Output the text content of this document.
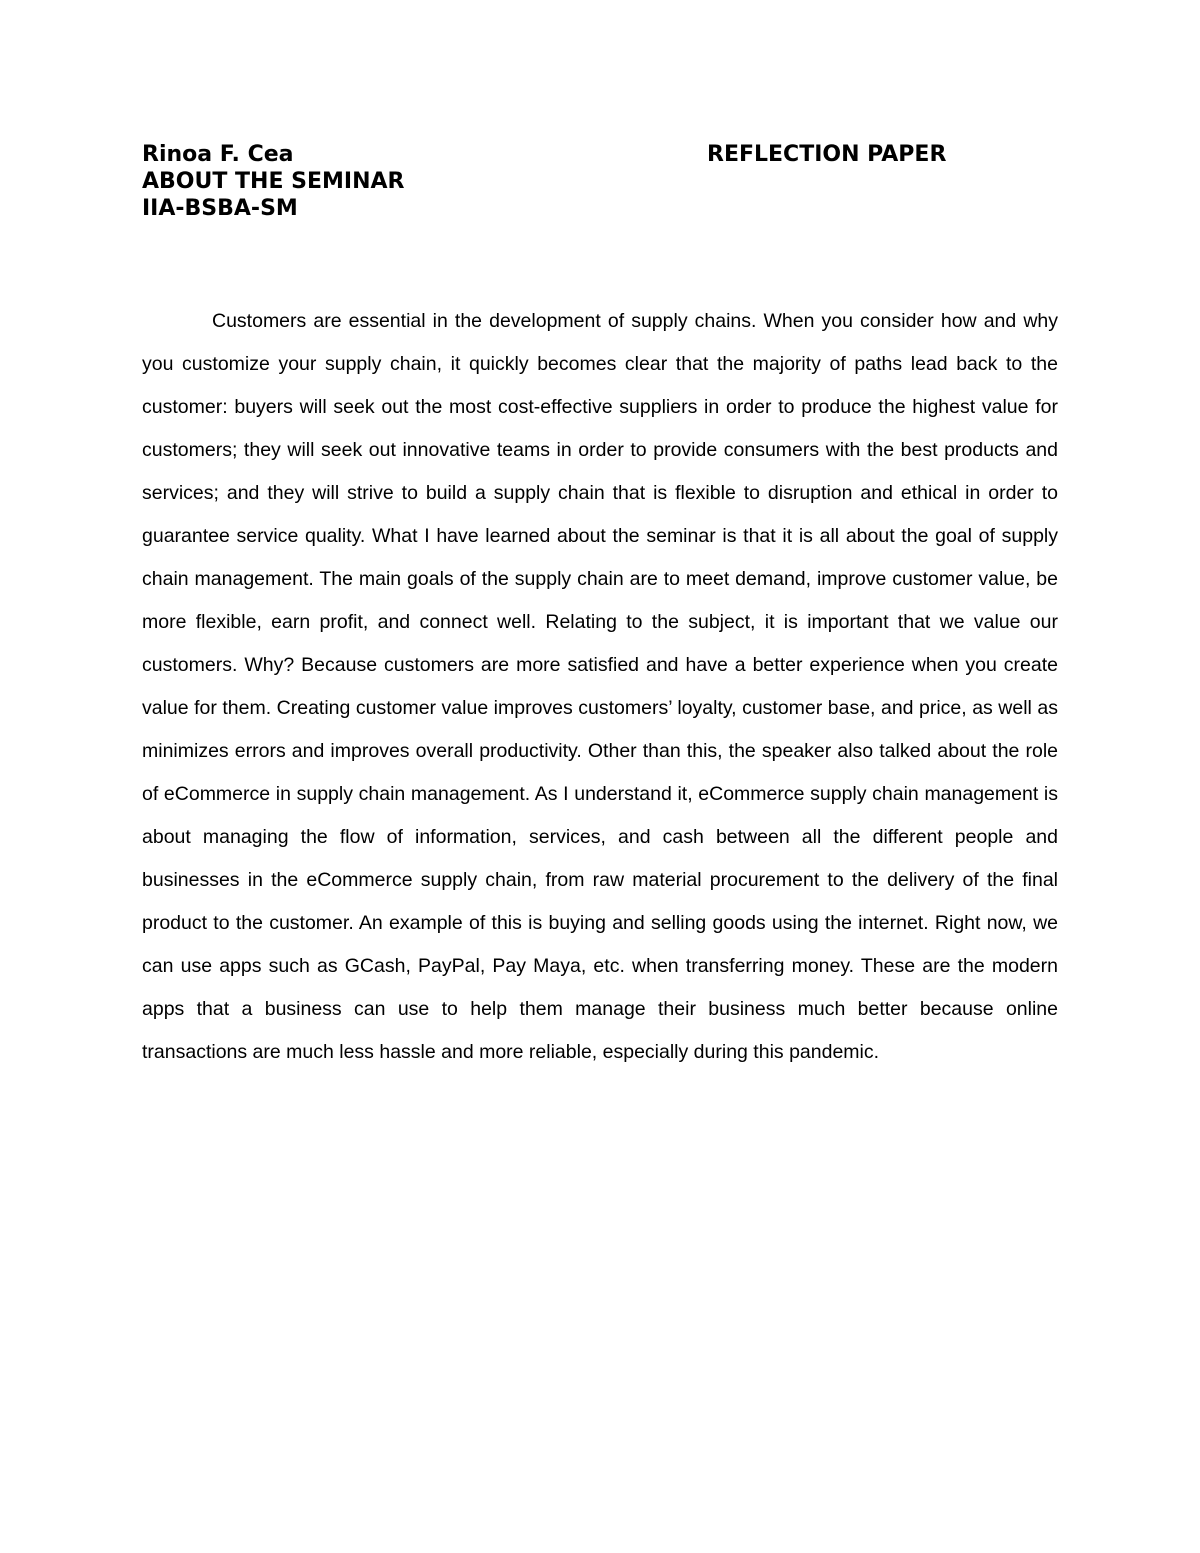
Rinoa F. Cea	REFLECTION PAPER
ABOUT THE SEMINAR
IIA-BSBA-SM

Customers are essential in the development of supply chains. When you consider how and why you customize your supply chain, it quickly becomes clear that the majority of paths lead back to the customer: buyers will seek out the most cost-effective suppliers in order to produce the highest value for customers; they will seek out innovative teams in order to provide consumers with the best products and services; and they will strive to build a supply chain that is flexible to disruption and ethical in order to guarantee service quality. What I have learned about the seminar is that it is all about the goal of supply chain management. The main goals of the supply chain are to meet demand, improve customer value, be more flexible, earn profit, and connect well. Relating to the subject, it is important that we value our customers. Why? Because customers are more satisfied and have a better experience when you create value for them. Creating customer value improves customers’ loyalty, customer base, and price, as well as minimizes errors and improves overall productivity. Other than this, the speaker also talked about the role of eCommerce in supply chain management. As I understand it, eCommerce supply chain management is about managing the flow of information, services, and cash between all the different people and businesses in the eCommerce supply chain, from raw material procurement to the delivery of the final product to the customer. An example of this is buying and selling goods using the internet. Right now, we can use apps such as GCash, PayPal, Pay Maya, etc. when transferring money. These are the modern apps that a business can use to help them manage their business much better because online transactions are much less hassle and more reliable, especially during this pandemic.
